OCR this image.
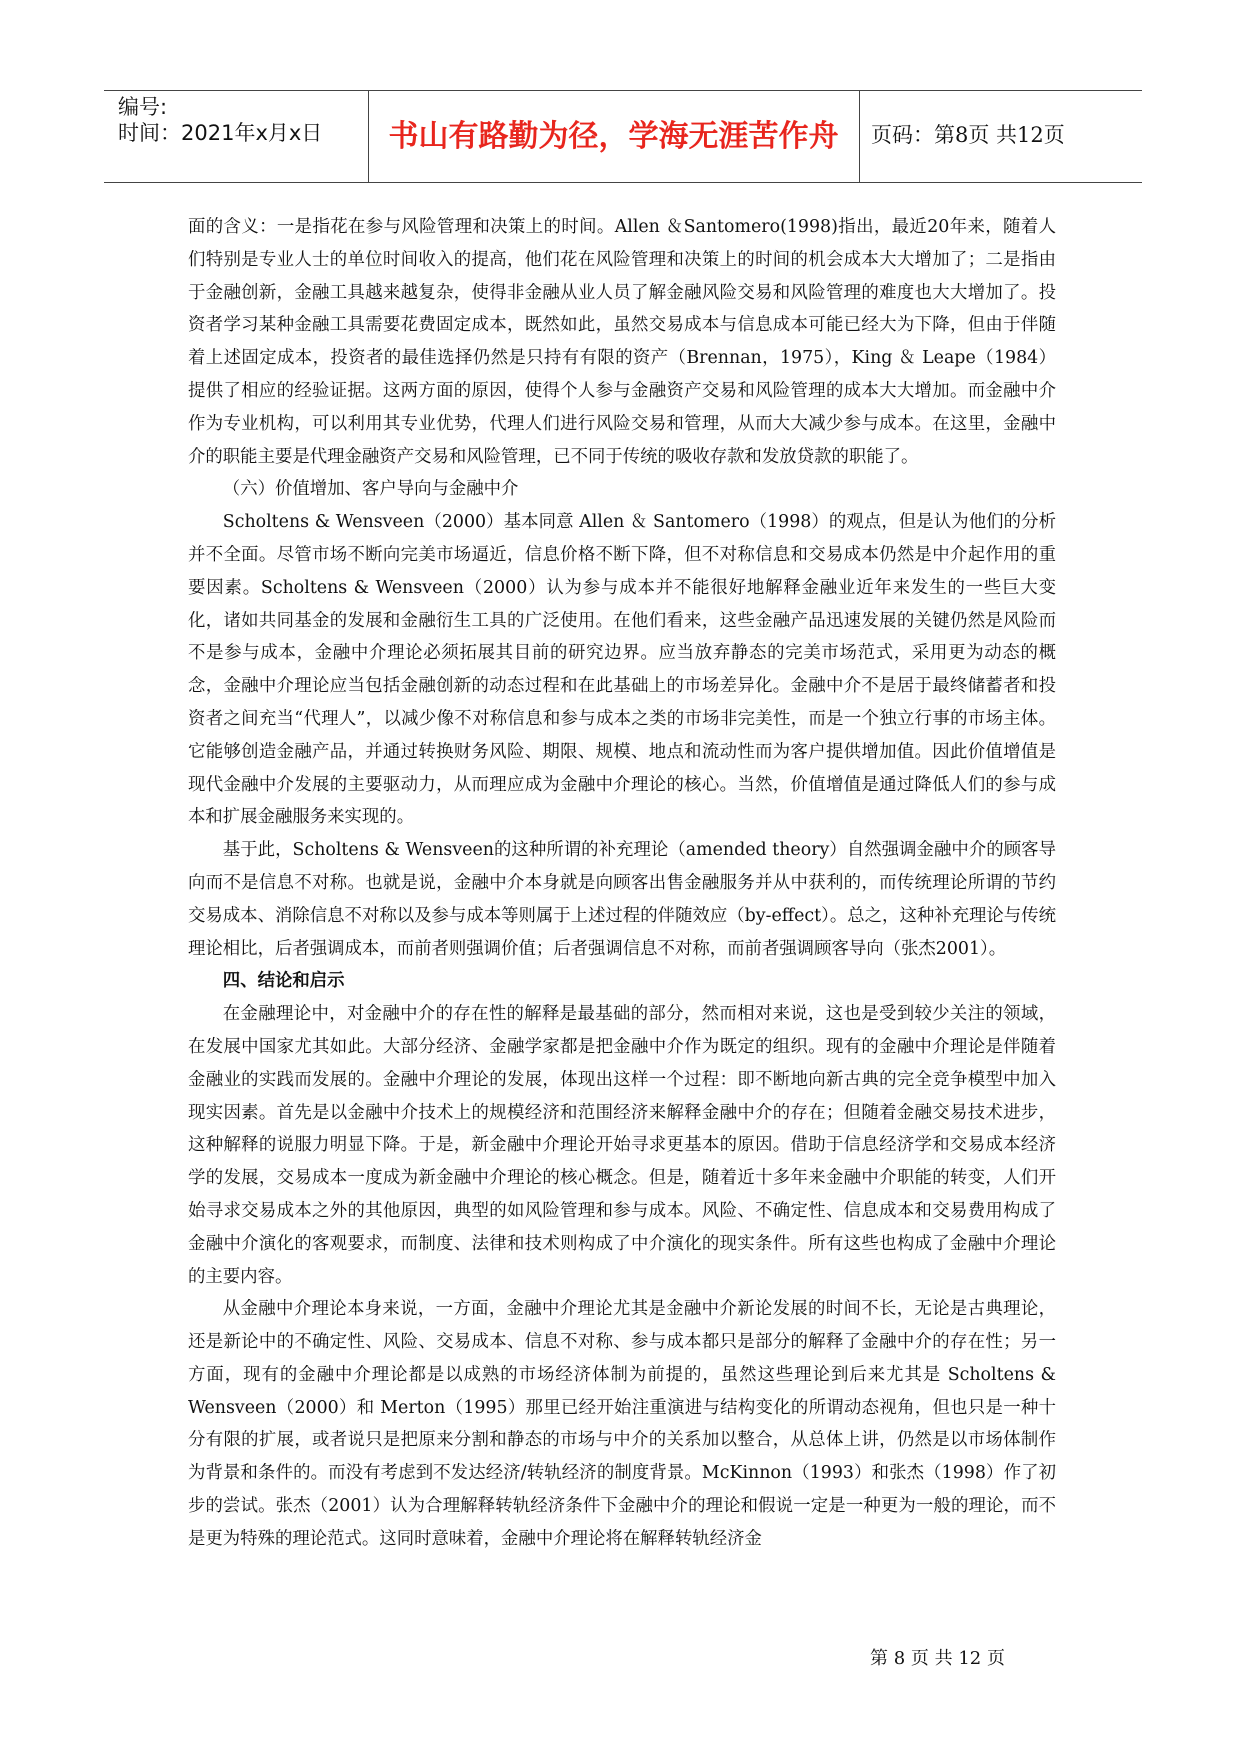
编号:
时间：2021年x月x日	书山有路勤为径，学海无涯苦作舟	页码：第8页 共12页

面的含义：一是指花在参与风险管理和决策上的时间。Allen ＆Santomero(1998)指出，最近20年来，随着人们特别是专业人士的单位时间收入的提高，他们花在风险管理和决策上的时间的机会成本大大增加了；二是指由于金融创新，金融工具越来越复杂，使得非金融从业人员了解金融风险交易和风险管理的难度也大大增加了。投资者学习某种金融工具需要花费固定成本，既然如此，虽然交易成本与信息成本可能已经大为下降，但由于伴随着上述固定成本，投资者的最佳选择仍然是只持有有限的资产（Brennan，1975），King ＆ Leape（1984）提供了相应的经验证据。这两方面的原因，使得个人参与金融资产交易和风险管理的成本大大增加。而金融中介作为专业机构，可以利用其专业优势，代理人们进行风险交易和管理，从而大大减少参与成本。在这里，金融中介的职能主要是代理金融资产交易和风险管理，已不同于传统的吸收存款和发放贷款的职能了。

（六）价值增加、客户导向与金融中介

Scholtens & Wensveen（2000）基本同意 Allen ＆ Santomero（1998）的观点，但是认为他们的分析并不全面。尽管市场不断向完美市场逼近，信息价格不断下降，但不对称信息和交易成本仍然是中介起作用的重要因素。Scholtens & Wensveen（2000）认为参与成本并不能很好地解释金融业近年来发生的一些巨大变化，诸如共同基金的发展和金融衍生工具的广泛使用。在他们看来，这些金融产品迅速发展的关键仍然是风险而不是参与成本，金融中介理论必须拓展其目前的研究边界。应当放弃静态的完美市场范式，采用更为动态的概念，金融中介理论应当包括金融创新的动态过程和在此基础上的市场差异化。金融中介不是居于最终储蓄者和投资者之间充当“代理人”，以减少像不对称信息和参与成本之类的市场非完美性，而是一个独立行事的市场主体。它能够创造金融产品，并通过转换财务风险、期限、规模、地点和流动性而为客户提供增加值。因此价值增值是现代金融中介发展的主要驱动力，从而理应成为金融中介理论的核心。当然，价值增值是通过降低人们的参与成本和扩展金融服务来实现的。

基于此，Scholtens & Wensveen的这种所谓的补充理论（amended theory）自然强调金融中介的顾客导向而不是信息不对称。也就是说，金融中介本身就是向顾客出售金融服务并从中获利的，而传统理论所谓的节约交易成本、消除信息不对称以及参与成本等则属于上述过程的伴随效应（by-effect）。总之，这种补充理论与传统理论相比，后者强调成本，而前者则强调价值；后者强调信息不对称，而前者强调顾客导向（张杰2001）。

四、结论和启示

在金融理论中，对金融中介的存在性的解释是最基础的部分，然而相对来说，这也是受到较少关注的领域，在发展中国家尤其如此。大部分经济、金融学家都是把金融中介作为既定的组织。现有的金融中介理论是伴随着金融业的实践而发展的。金融中介理论的发展，体现出这样一个过程：即不断地向新古典的完全竞争模型中加入现实因素。首先是以金融中介技术上的规模经济和范围经济来解释金融中介的存在；但随着金融交易技术进步，这种解释的说服力明显下降。于是，新金融中介理论开始寻求更基本的原因。借助于信息经济学和交易成本经济学的发展，交易成本一度成为新金融中介理论的核心概念。但是，随着近十多年来金融中介职能的转变，人们开始寻求交易成本之外的其他原因，典型的如风险管理和参与成本。风险、不确定性、信息成本和交易费用构成了金融中介演化的客观要求，而制度、法律和技术则构成了中介演化的现实条件。所有这些也构成了金融中介理论的主要内容。

从金融中介理论本身来说，一方面，金融中介理论尤其是金融中介新论发展的时间不长，无论是古典理论，还是新论中的不确定性、风险、交易成本、信息不对称、参与成本都只是部分的解释了金融中介的存在性；另一方面，现有的金融中介理论都是以成熟的市场经济体制为前提的，虽然这些理论到后来尤其是 Scholtens & Wensveen（2000）和 Merton（1995）那里已经开始注重演进与结构变化的所谓动态视角，但也只是一种十分有限的扩展，或者说只是把原来分割和静态的市场与中介的关系加以整合，从总体上讲，仍然是以市场体制作为背景和条件的。而没有考虑到不发达经济/转轨经济的制度背景。McKinnon（1993）和张杰（1998）作了初步的尝试。张杰（2001）认为合理解释转轨经济条件下金融中介的理论和假说一定是一种更为一般的理论，而不是更为特殊的理论范式。这同时意味着，金融中介理论将在解释转轨经济金

第 8 页 共 12 页
